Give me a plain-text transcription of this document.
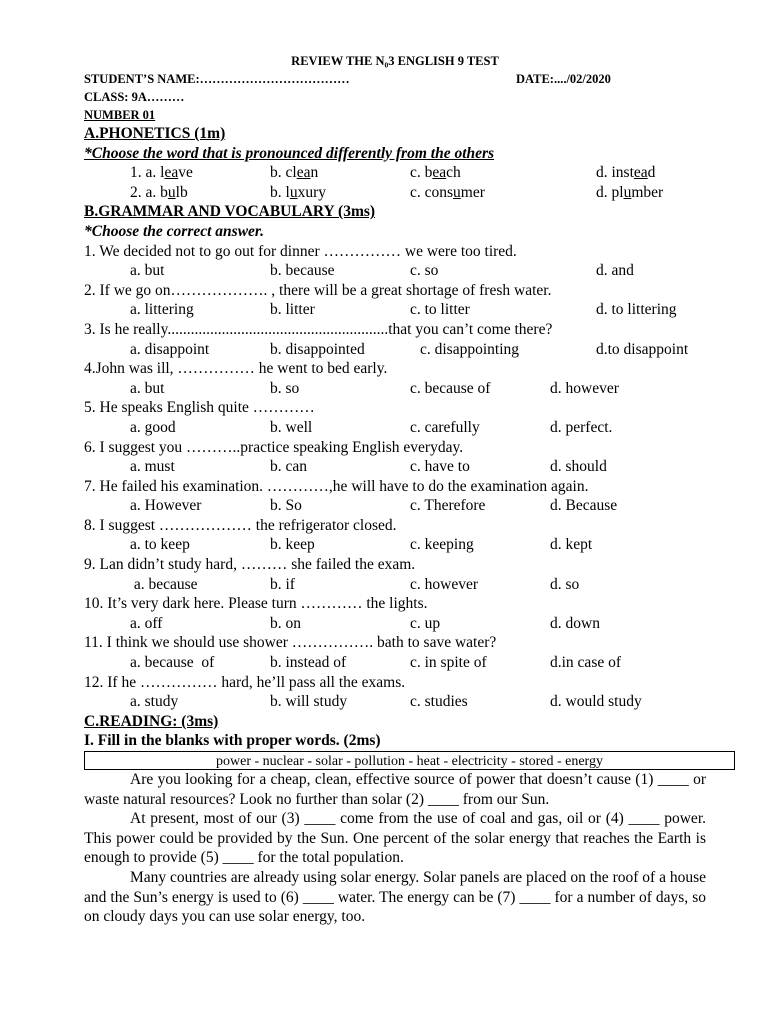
REVIEW THE N₀3 ENGLISH 9 TEST
STUDENT’S NAME:………………………………	DATE:..../02/2020
CLASS: 9A………
NUMBER 01
A.PHONETICS (1m)
*Choose the word that is pronounced differently from the others
1. a. leave	b. clean	c. beach	d. instead
2. a. bulb	b. luxury	c. consumer	d. plumber
B.GRAMMAR AND VOCABULARY (3ms)
*Choose the correct answer.
1. We decided not to go out for dinner …………… we were too tired.
a. but	b. because	c. so	d. and
2. If we go on………………. , there will be a great shortage of fresh water.
a. littering	b. litter	c. to litter	d. to littering
3. Is he really.........................................................that you can’t come there?
a. disappoint	b. disappointed	c. disappointing	d.to disappoint
4.John was ill, …………… he went to bed early.
a. but	b. so	c. because of	d. however
5. He speaks English quite …………
a. good	b. well	c. carefully	d. perfect.
6. I suggest you ………..practice speaking English everyday.
a. must	b. can	c. have to	d. should
7. He failed his examination. …………,he will have to do the examination again.
a. However	b. So	c. Therefore	d. Because
8. I suggest ……………… the refrigerator closed.
a. to keep	b. keep	c. keeping	d. kept
9. Lan didn’t study hard, ……… she failed the exam.
a. because	b. if	c. however	d. so
10. It’s very dark here. Please turn ………… the lights.
a. off	b. on	c. up	d. down
11. I think we should use shower ……………. bath to save water?
a. because  of	b. instead of	c. in spite of	d.in case of
12. If he …………… hard, he’ll pass all the exams.
a. study	b. will study	c. studies	d. would study
C.READING: (3ms)
I. Fill in the blanks with proper words. (2ms)
power - nuclear - solar - pollution - heat - electricity - stored - energy

Are you looking for a cheap, clean, effective source of power that doesn’t cause (1) ____ or waste natural resources? Look no further than solar (2) ____ from our Sun.

At present, most of our (3) ____ come from the use of coal and gas, oil or (4) ____ power. This power could be provided by the Sun. One percent of the solar energy that reaches the Earth is enough to provide (5) ____ for the total population.

Many countries are already using solar energy. Solar panels are placed on the roof of a house and the Sun’s energy is used to (6) ____ water. The energy can be (7) ____ for a number of days, so on cloudy days you can use solar energy, too.
